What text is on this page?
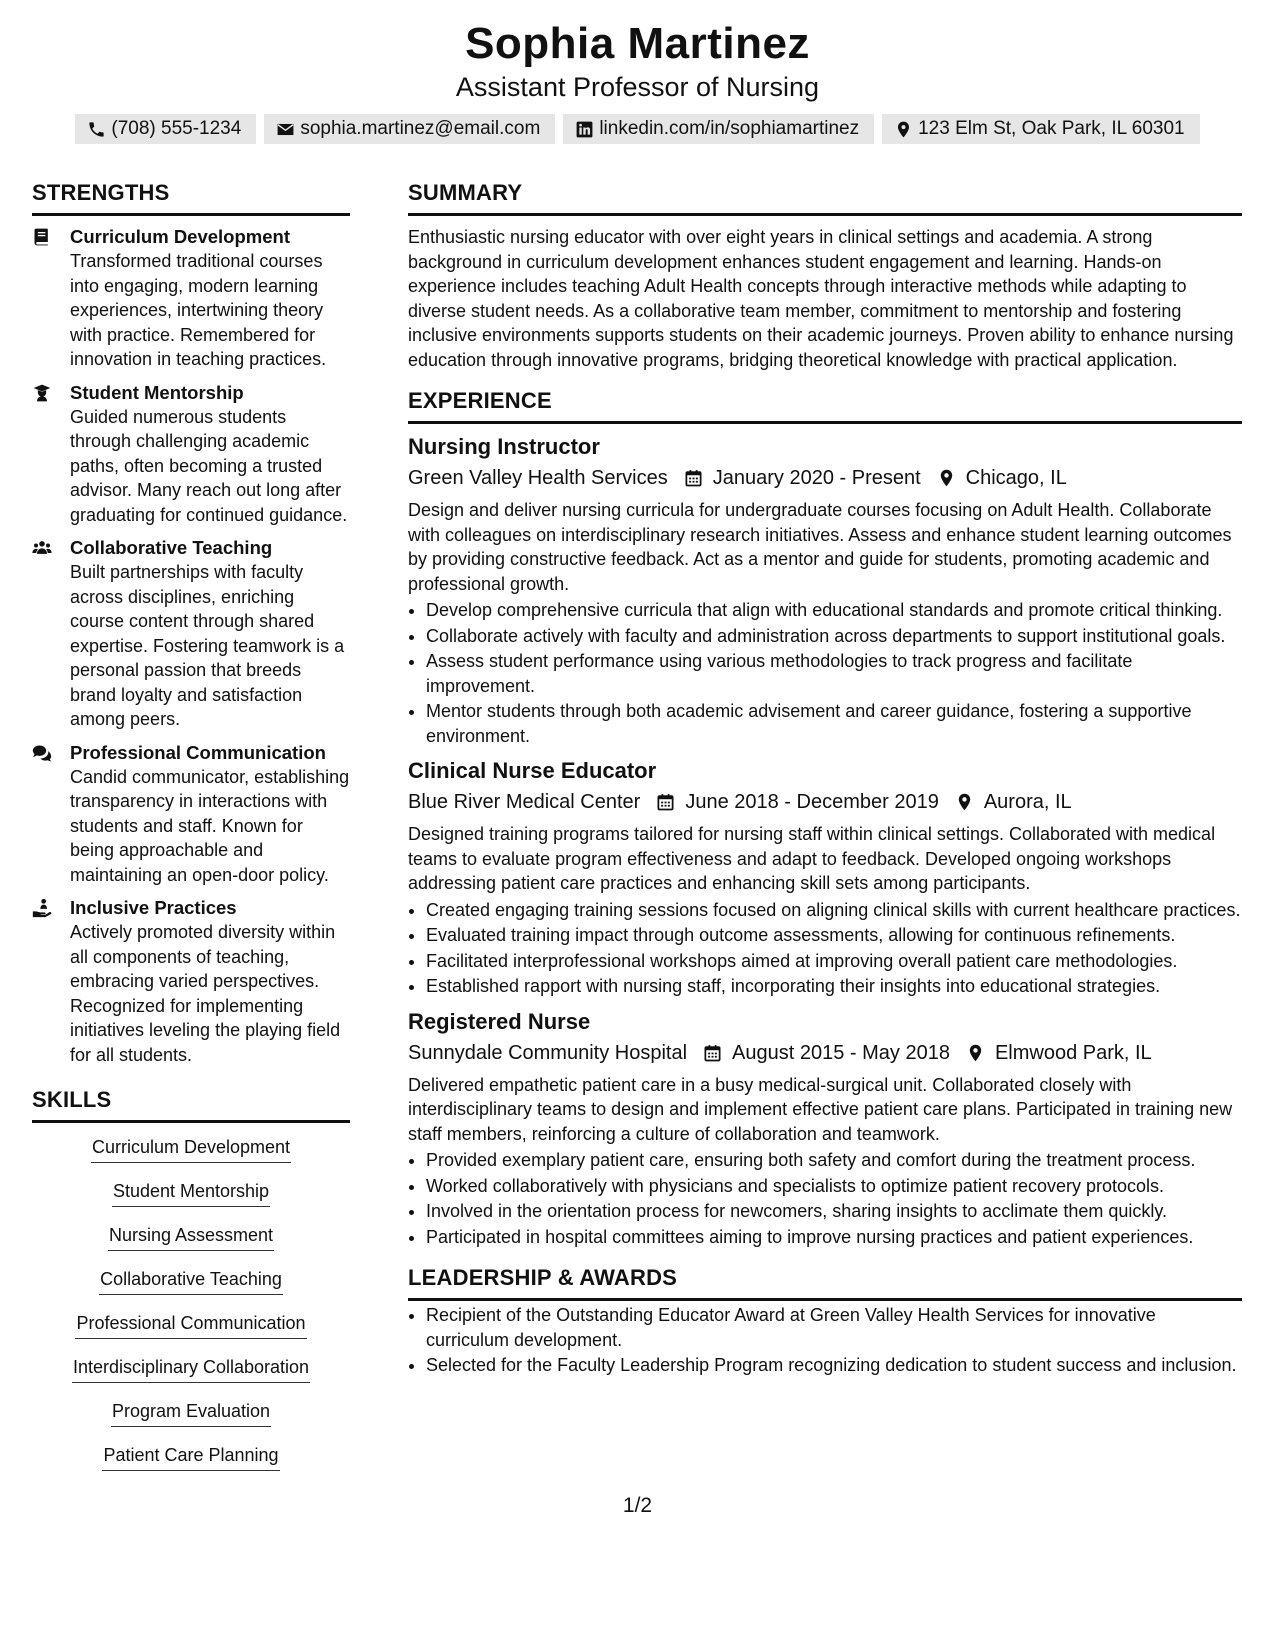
Sophia Martinez
Assistant Professor of Nursing
(708) 555-1234	sophia.martinez@email.com	linkedin.com/in/sophiamartinez	123 Elm St, Oak Park, IL 60301
STRENGTHS
Curriculum Development
Transformed traditional courses into engaging, modern learning experiences, intertwining theory with practice. Remembered for innovation in teaching practices.
Student Mentorship
Guided numerous students through challenging academic paths, often becoming a trusted advisor. Many reach out long after graduating for continued guidance.
Collaborative Teaching
Built partnerships with faculty across disciplines, enriching course content through shared expertise. Fostering teamwork is a personal passion that breeds brand loyalty and satisfaction among peers.
Professional Communication
Candid communicator, establishing transparency in interactions with students and staff. Known for being approachable and maintaining an open-door policy.
Inclusive Practices
Actively promoted diversity within all components of teaching, embracing varied perspectives. Recognized for implementing initiatives leveling the playing field for all students.
SKILLS
Curriculum Development
Student Mentorship
Nursing Assessment
Collaborative Teaching
Professional Communication
Interdisciplinary Collaboration
Program Evaluation
Patient Care Planning
SUMMARY
Enthusiastic nursing educator with over eight years in clinical settings and academia. A strong background in curriculum development enhances student engagement and learning. Hands-on experience includes teaching Adult Health concepts through interactive methods while adapting to diverse student needs. As a collaborative team member, commitment to mentorship and fostering inclusive environments supports students on their academic journeys. Proven ability to enhance nursing education through innovative programs, bridging theoretical knowledge with practical application.
EXPERIENCE
Nursing Instructor
Green Valley Health Services January 2020 - Present Chicago, IL
Design and deliver nursing curricula for undergraduate courses focusing on Adult Health. Collaborate with colleagues on interdisciplinary research initiatives. Assess and enhance student learning outcomes by providing constructive feedback. Act as a mentor and guide for students, promoting academic and professional growth.
• Develop comprehensive curricula that align with educational standards and promote critical thinking.
• Collaborate actively with faculty and administration across departments to support institutional goals.
• Assess student performance using various methodologies to track progress and facilitate improvement.
• Mentor students through both academic advisement and career guidance, fostering a supportive environment.
Clinical Nurse Educator
Blue River Medical Center June 2018 - December 2019 Aurora, IL
Designed training programs tailored for nursing staff within clinical settings. Collaborated with medical teams to evaluate program effectiveness and adapt to feedback. Developed ongoing workshops addressing patient care practices and enhancing skill sets among participants.
• Created engaging training sessions focused on aligning clinical skills with current healthcare practices.
• Evaluated training impact through outcome assessments, allowing for continuous refinements.
• Facilitated interprofessional workshops aimed at improving overall patient care methodologies.
• Established rapport with nursing staff, incorporating their insights into educational strategies.
Registered Nurse
Sunnydale Community Hospital August 2015 - May 2018 Elmwood Park, IL
Delivered empathetic patient care in a busy medical-surgical unit. Collaborated closely with interdisciplinary teams to design and implement effective patient care plans. Participated in training new staff members, reinforcing a culture of collaboration and teamwork.
• Provided exemplary patient care, ensuring both safety and comfort during the treatment process.
• Worked collaboratively with physicians and specialists to optimize patient recovery protocols.
• Involved in the orientation process for newcomers, sharing insights to acclimate them quickly.
• Participated in hospital committees aiming to improve nursing practices and patient experiences.
LEADERSHIP & AWARDS
• Recipient of the Outstanding Educator Award at Green Valley Health Services for innovative curriculum development.
• Selected for the Faculty Leadership Program recognizing dedication to student success and inclusion.
1/2
